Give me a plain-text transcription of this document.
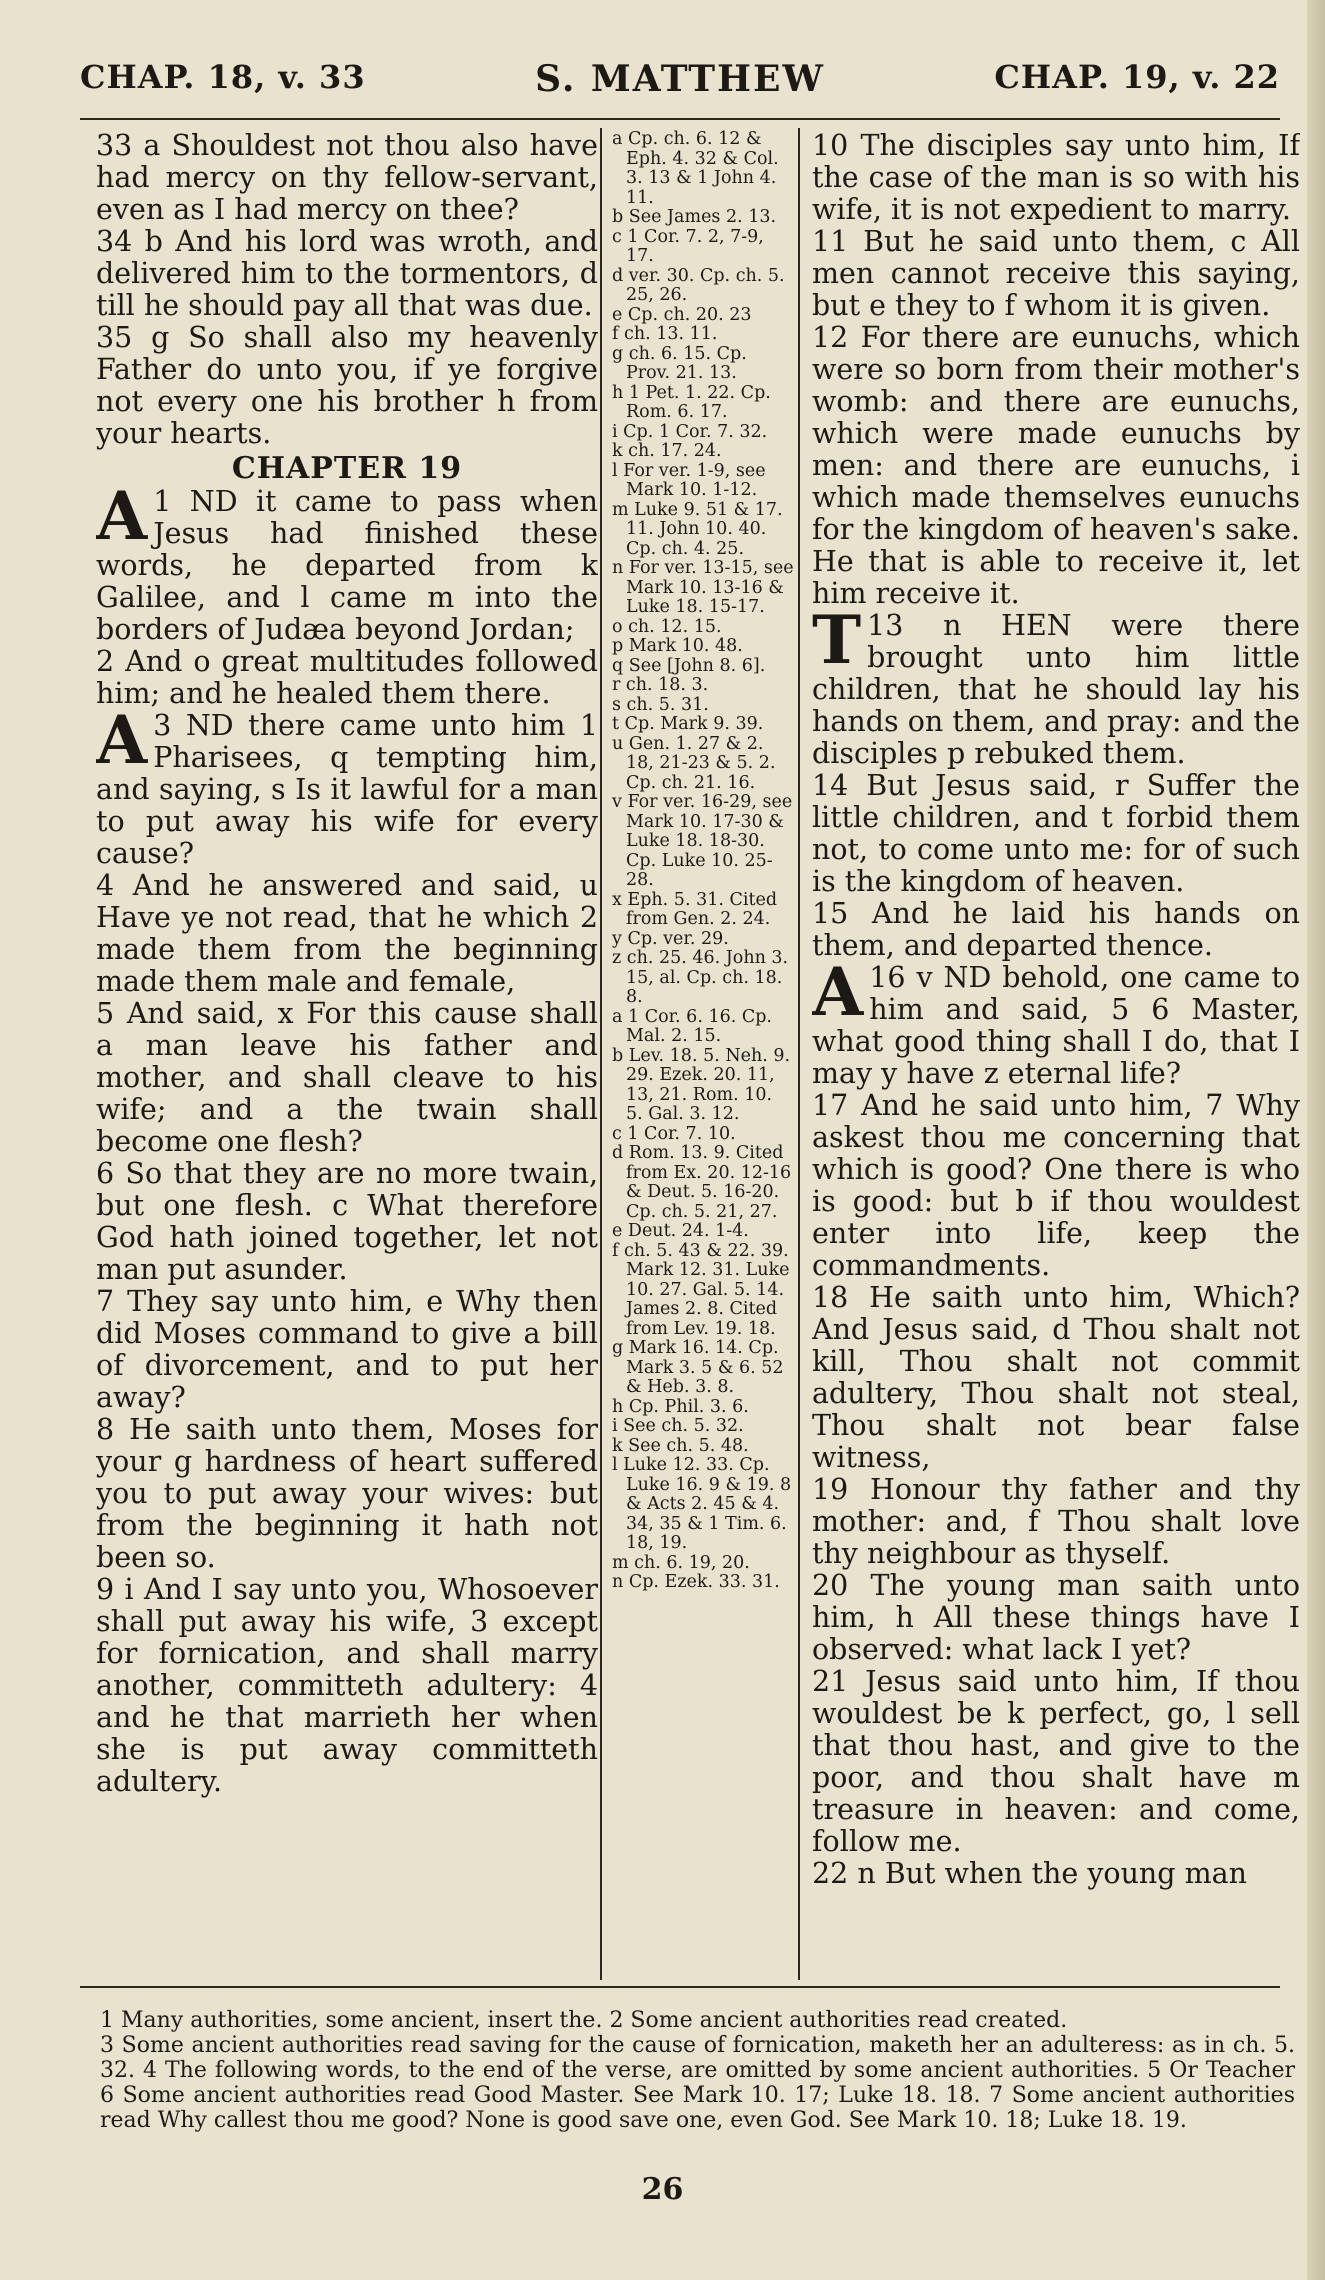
CHAP. 18, v. 33	S. MATTHEW	CHAP. 19, v. 22

33 a Shouldest not thou also have had mercy on thy fellow-servant, even as I had mercy on thee?

34 b And his lord was wroth, and delivered him to the tormentors, d till he should pay all that was due.

35 g So shall also my heavenly Father do unto you, if ye forgive not every one his brother h from your hearts.

CHAPTER 19

1
A ND it came to pass when Jesus had finished these words, he departed from k Galilee, and l came m into the borders of Judæa beyond Jordan;

2 And o great multitudes followed him; and he healed them there.

3
A ND there came unto him 1 Pharisees, q tempting him, and saying, s Is it lawful for a man to put away his wife for every cause?

4 And he answered and said, u Have ye not read, that he which 2 made them from the beginning made them male and female,

5 And said, x For this cause shall a man leave his father and mother, and shall cleave to his wife; and a the twain shall become one flesh?

6 So that they are no more twain, but one flesh. c What therefore God hath joined together, let not man put asunder.

7 They say unto him, e Why then did Moses command to give a bill of divorcement, and to put her away?

8 He saith unto them, Moses for your g hardness of heart suffered you to put away your wives: but from the beginning it hath not been so.

9 i And I say unto you, Whosoever shall put away his wife, 3 except for fornication, and shall marry another, committeth adultery: 4 and he that marrieth her when she is put away committeth adultery.

a Cp. ch. 6. 12 & Eph. 4. 32 & Col. 3. 13 & 1 John 4. 11.

b See James 2. 13.

c 1 Cor. 7. 2, 7-9, 17.

d ver. 30. Cp. ch. 5. 25, 26.

e Cp. ch. 20. 23

f ch. 13. 11.

g ch. 6. 15. Cp. Prov. 21. 13.

h 1 Pet. 1. 22. Cp. Rom. 6. 17.

i Cp. 1 Cor. 7. 32.

k ch. 17. 24.

l For ver. 1-9, see Mark 10. 1-12.

m Luke 9. 51 & 17. 11. John 10. 40. Cp. ch. 4. 25.

n For ver. 13-15, see Mark 10. 13-16 & Luke 18. 15-17.

o ch. 12. 15.

p Mark 10. 48.

q See [John 8. 6].

r ch. 18. 3.

s ch. 5. 31.

t Cp. Mark 9. 39.

u Gen. 1. 27 & 2. 18, 21-23 & 5. 2. Cp. ch. 21. 16.

v For ver. 16-29, see Mark 10. 17-30 & Luke 18. 18-30. Cp. Luke 10. 25-28.

x Eph. 5. 31. Cited from Gen. 2. 24.

y Cp. ver. 29.

z ch. 25. 46. John 3. 15, al. Cp. ch. 18. 8.

a 1 Cor. 6. 16. Cp. Mal. 2. 15.

b Lev. 18. 5. Neh. 9. 29. Ezek. 20. 11, 13, 21. Rom. 10. 5. Gal. 3. 12.

c 1 Cor. 7. 10.

d Rom. 13. 9. Cited from Ex. 20. 12-16 & Deut. 5. 16-20. Cp. ch. 5. 21, 27.

e Deut. 24. 1-4.

f ch. 5. 43 & 22. 39. Mark 12. 31. Luke 10. 27. Gal. 5. 14. James 2. 8. Cited from Lev. 19. 18.

g Mark 16. 14. Cp. Mark 3. 5 & 6. 52 & Heb. 3. 8.

h Cp. Phil. 3. 6.

i See ch. 5. 32.

k See ch. 5. 48.

l Luke 12. 33. Cp. Luke 16. 9 & 19. 8 & Acts 2. 45 & 4. 34, 35 & 1 Tim. 6. 18, 19.

m ch. 6. 19, 20.

n Cp. Ezek. 33. 31.

10 The disciples say unto him, If the case of the man is so with his wife, it is not expedient to marry.

11 But he said unto them, c All men cannot receive this saying, but e they to f whom it is given.

12 For there are eunuchs, which were so born from their mother's womb: and there are eunuchs, which were made eunuchs by men: and there are eunuchs, i which made themselves eunuchs for the kingdom of heaven's sake. He that is able to receive it, let him receive it.

13 n
T	HEN were there brought unto him little children, that he should lay his hands on them, and pray: and the disciples p rebuked them.

14 But Jesus said, r Suffer the little children, and t forbid them not, to come unto me: for of such is the kingdom of heaven.

15 And he laid his hands on them, and departed thence.

16 v
A	ND behold, one came to him and said, 5 6 Master, what good thing shall I do, that I may y have z eternal life?

17 And he said unto him, 7 Why askest thou me concerning that which is good? One there is who is good: but b if thou wouldest enter into life, keep the commandments.

18 He saith unto him, Which? And Jesus said, d Thou shalt not kill, Thou shalt not commit adultery, Thou shalt not steal, Thou shalt not bear false witness,

19 Honour thy father and thy mother: and, f Thou shalt love thy neighbour as thyself.

20 The young man saith unto him, h All these things have I observed: what lack I yet?

21 Jesus said unto him, If thou wouldest be k perfect, go, l sell that thou hast, and give to the poor, and thou shalt have m treasure in heaven: and come, follow me.

22 n But when the young man

1 Many authorities, some ancient, insert the. 2 Some ancient authorities read created.

3 Some ancient authorities read saving for the cause of fornication, maketh her an adulteress: as in ch. 5. 32. 4 The following words, to the end of the verse, are omitted by some ancient authorities. 5 Or Teacher 6 Some ancient authorities read Good Master. See Mark 10. 17; Luke 18. 18. 7 Some ancient authorities read Why callest thou me good? None is good save one, even God. See Mark 10. 18; Luke 18. 19.

26
